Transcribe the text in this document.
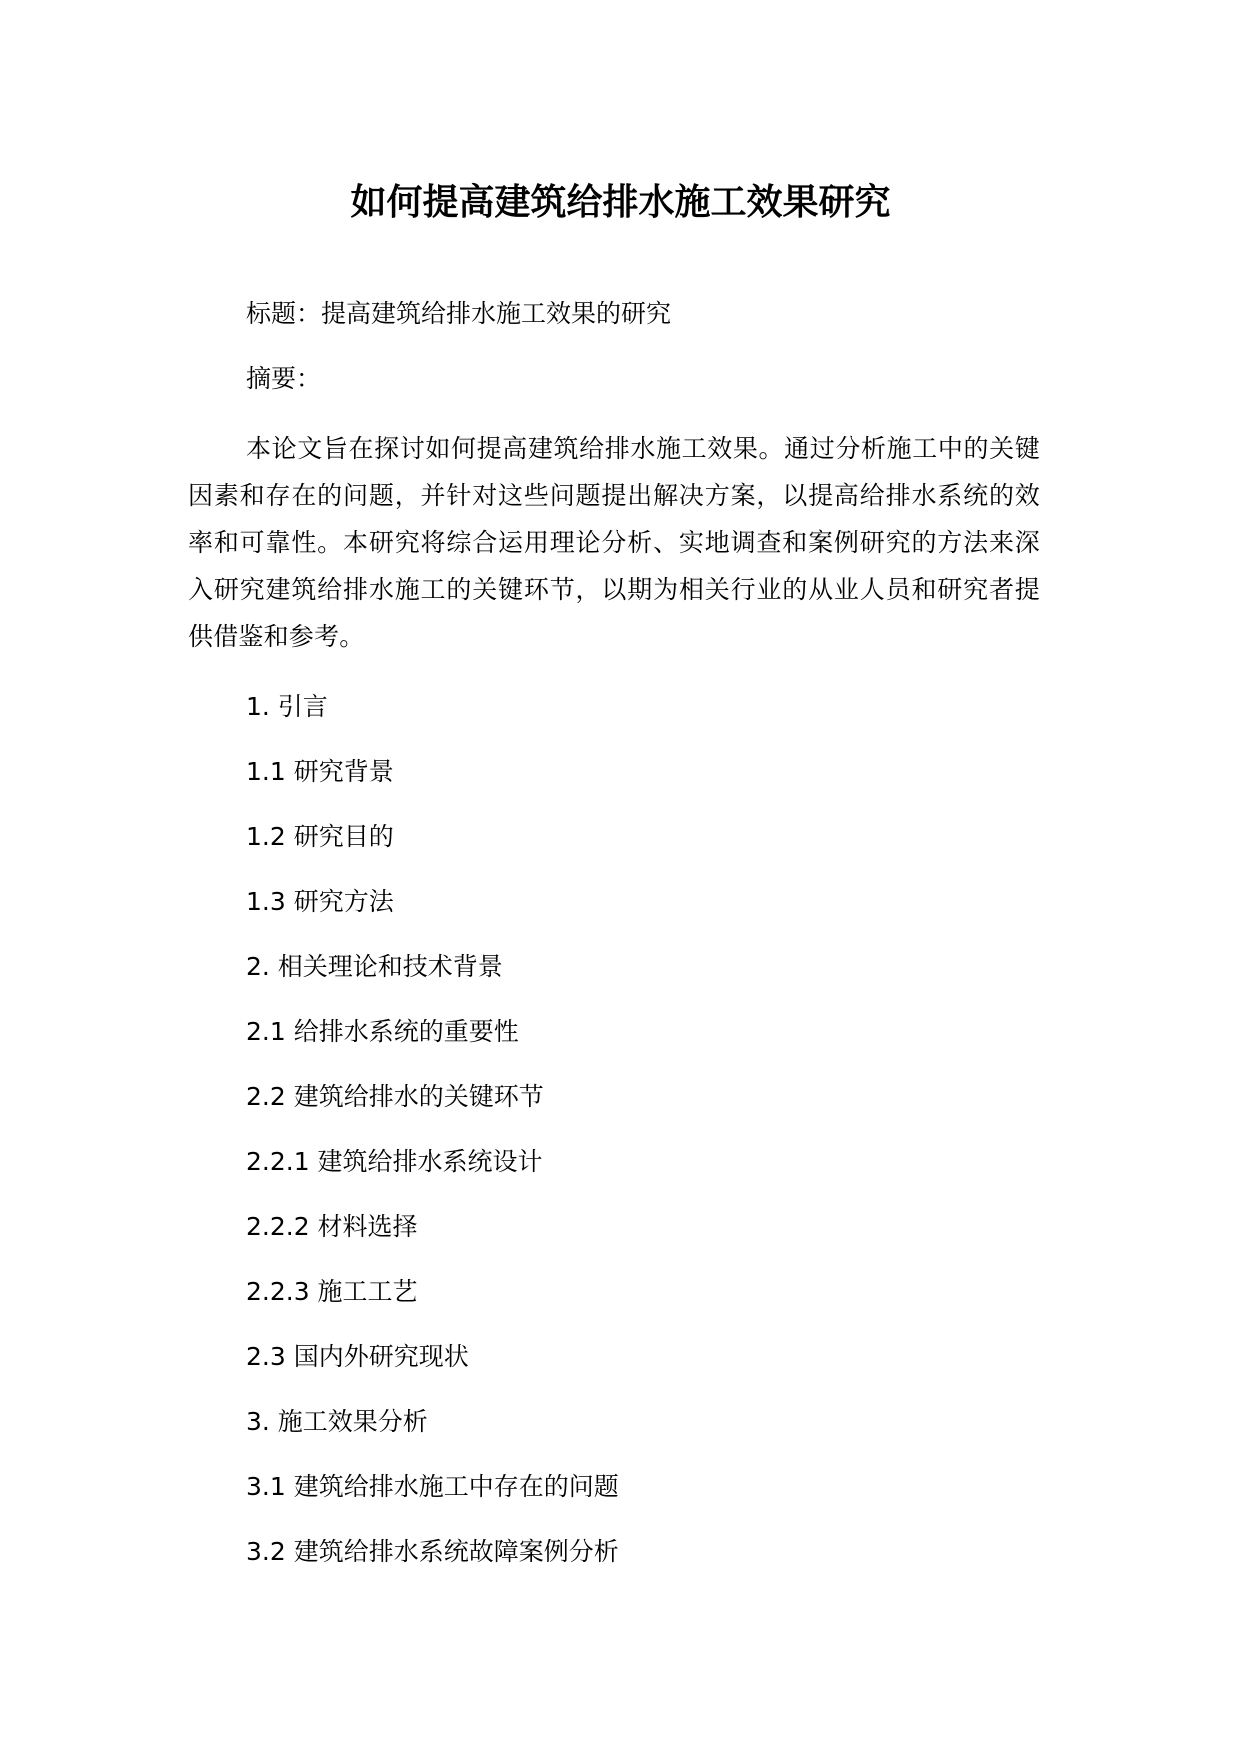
如何提高建筑给排水施工效果研究

标题：提高建筑给排水施工效果的研究

摘要：

本论文旨在探讨如何提高建筑给排水施工效果。通过分析施工中的关键因素和存在的问题，并针对这些问题提出解决方案，以提高给排水系统的效率和可靠性。本研究将综合运用理论分析、实地调查和案例研究的方法来深入研究建筑给排水施工的关键环节，以期为相关行业的从业人员和研究者提供借鉴和参考。

1. 引言
1.1 研究背景
1.2 研究目的
1.3 研究方法
2. 相关理论和技术背景
2.1 给排水系统的重要性
2.2 建筑给排水的关键环节
2.2.1 建筑给排水系统设计
2.2.2 材料选择
2.2.3 施工工艺
2.3 国内外研究现状
3. 施工效果分析
3.1 建筑给排水施工中存在的问题
3.2 建筑给排水系统故障案例分析
